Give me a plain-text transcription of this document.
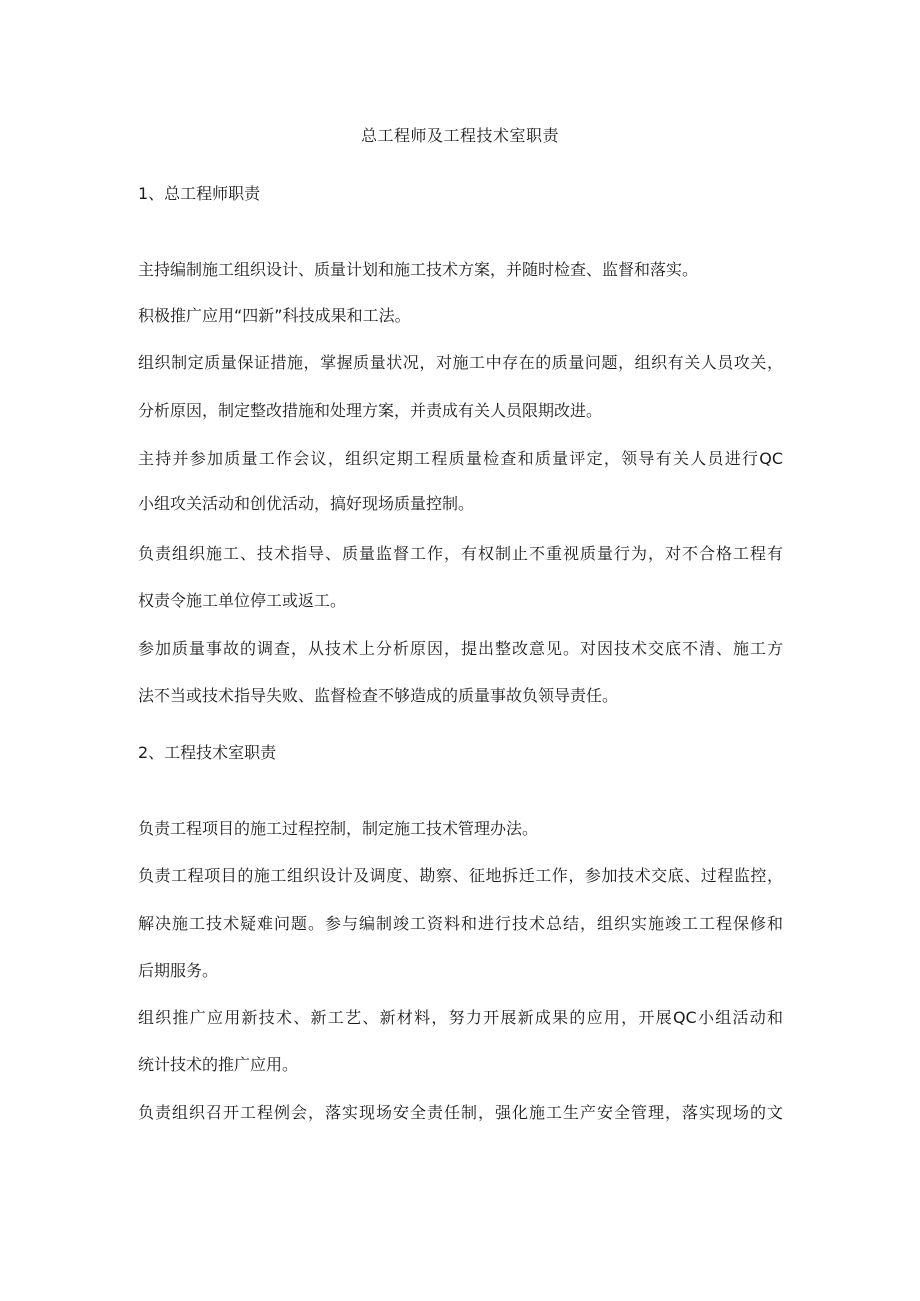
总工程师及工程技术室职责
1、总工程师职责
主持编制施工组织设计、质量计划和施工技术方案，并随时检查、监督和落实。
积极推广应用“四新”科技成果和工法。
组织制定质量保证措施，掌握质量状况，对施工中存在的质量问题，组织有关人员攻关，
分析原因，制定整改措施和处理方案，并责成有关人员限期改进。
主持并参加质量工作会议，组织定期工程质量检查和质量评定，领导有关人员进行QC
小组攻关活动和创优活动，搞好现场质量控制。
负责组织施工、技术指导、质量监督工作，有权制止不重视质量行为，对不合格工程有
权责令施工单位停工或返工。
参加质量事故的调查，从技术上分析原因，提出整改意见。对因技术交底不清、施工方
法不当或技术指导失败、监督检查不够造成的质量事故负领导责任。
2、工程技术室职责
负责工程项目的施工过程控制，制定施工技术管理办法。
负责工程项目的施工组织设计及调度、勘察、征地拆迁工作，参加技术交底、过程监控，
解决施工技术疑难问题。参与编制竣工资料和进行技术总结，组织实施竣工工程保修和
后期服务。
组织推广应用新技术、新工艺、新材料，努力开展新成果的应用，开展QC小组活动和
统计技术的推广应用。
负责组织召开工程例会，落实现场安全责任制，强化施工生产安全管理，落实现场的文
